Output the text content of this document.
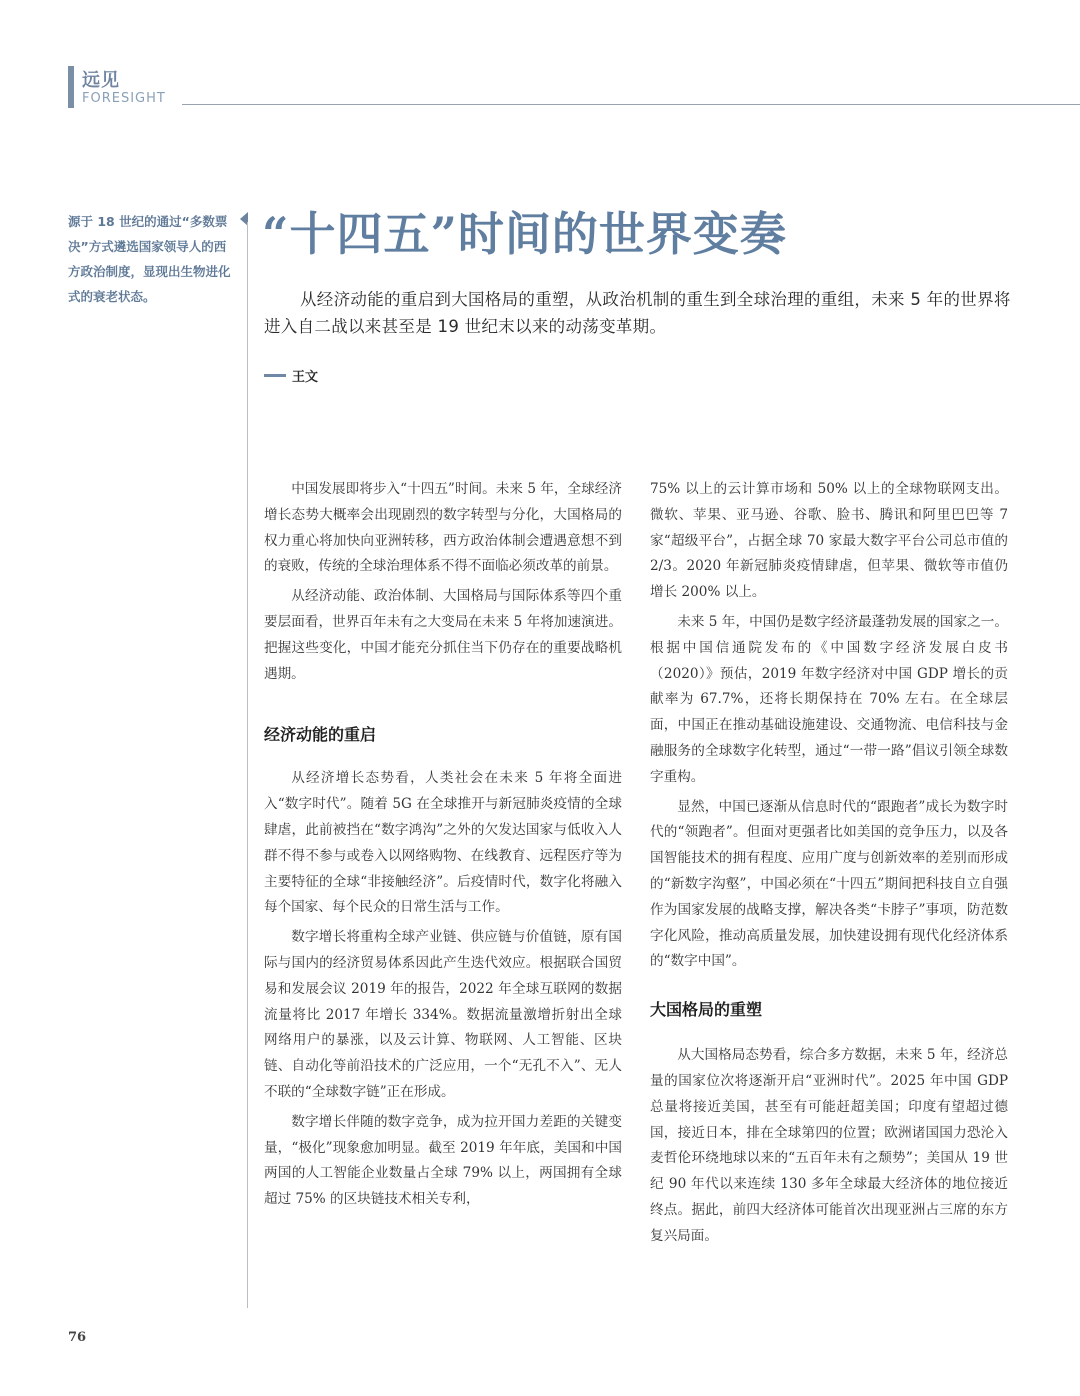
远见
FORESIGHT
源于 18 世纪的通过“多数票决”方式遴选国家领导人的西方政治制度，显现出生物进化式的衰老状态。
“十四五”时间的世界变奏
从经济动能的重启到大国格局的重塑，从政治机制的重生到全球治理的重组，未来 5 年的世界将进入自二战以来甚至是 19 世纪末以来的动荡变革期。
王文

中国发展即将步入“十四五”时间。未来 5 年，全球经济增长态势大概率会出现剧烈的数字转型与分化，大国格局的权力重心将加快向亚洲转移，西方政治体制会遭遇意想不到的衰败，传统的全球治理体系不得不面临必须改革的前景。

从经济动能、政治体制、大国格局与国际体系等四个重要层面看，世界百年未有之大变局在未来 5 年将加速演进。把握这些变化，中国才能充分抓住当下仍存在的重要战略机遇期。

经济动能的重启

从经济增长态势看，人类社会在未来 5 年将全面进入“数字时代”。随着 5G 在全球推开与新冠肺炎疫情的全球肆虐，此前被挡在“数字鸿沟”之外的欠发达国家与低收入人群不得不参与或卷入以网络购物、在线教育、远程医疗等为主要特征的全球“非接触经济”。后疫情时代，数字化将融入每个国家、每个民众的日常生活与工作。

数字增长将重构全球产业链、供应链与价值链，原有国际与国内的经济贸易体系因此产生迭代效应。根据联合国贸易和发展会议 2019 年的报告，2022 年全球互联网的数据流量将比 2017 年增长 334%。数据流量激增折射出全球网络用户的暴涨，以及云计算、物联网、人工智能、区块链、自动化等前沿技术的广泛应用，一个“无孔不入”、无人不联的“全球数字链”正在形成。

数字增长伴随的数字竞争，成为拉开国力差距的关键变量，“极化”现象愈加明显。截至 2019 年年底，美国和中国两国的人工智能企业数量占全球 79% 以上，两国拥有全球超过 75% 的区块链技术相关专利，

75% 以上的云计算市场和 50% 以上的全球物联网支出。微软、苹果、亚马逊、谷歌、脸书、腾讯和阿里巴巴等 7 家“超级平台”，占据全球 70 家最大数字平台公司总市值的 2/3。2020 年新冠肺炎疫情肆虐，但苹果、微软等市值仍增长 200% 以上。

未来 5 年，中国仍是数字经济最蓬勃发展的国家之一。根据中国信通院发布的《中国数字经济发展白皮书（2020）》预估，2019 年数字经济对中国 GDP 增长的贡献率为 67.7%，还将长期保持在 70% 左右。在全球层面，中国正在推动基础设施建设、交通物流、电信科技与金融服务的全球数字化转型，通过“一带一路”倡议引领全球数字重构。

显然，中国已逐渐从信息时代的“跟跑者”成长为数字时代的“领跑者”。但面对更强者比如美国的竞争压力，以及各国智能技术的拥有程度、应用广度与创新效率的差别而形成的“新数字沟壑”，中国必须在“十四五”期间把科技自立自强作为国家发展的战略支撑，解决各类“卡脖子”事项，防范数字化风险，推动高质量发展，加快建设拥有现代化经济体系的“数字中国”。

大国格局的重塑

从大国格局态势看，综合多方数据，未来 5 年，经济总量的国家位次将逐渐开启“亚洲时代”。2025 年中国 GDP 总量将接近美国，甚至有可能赶超美国；印度有望超过德国，接近日本，排在全球第四的位置；欧洲诸国国力恐沦入麦哲伦环绕地球以来的“五百年未有之颓势”；美国从 19 世纪 90 年代以来连续 130 多年全球最大经济体的地位接近终点。据此，前四大经济体可能首次出现亚洲占三席的东方复兴局面。

76
